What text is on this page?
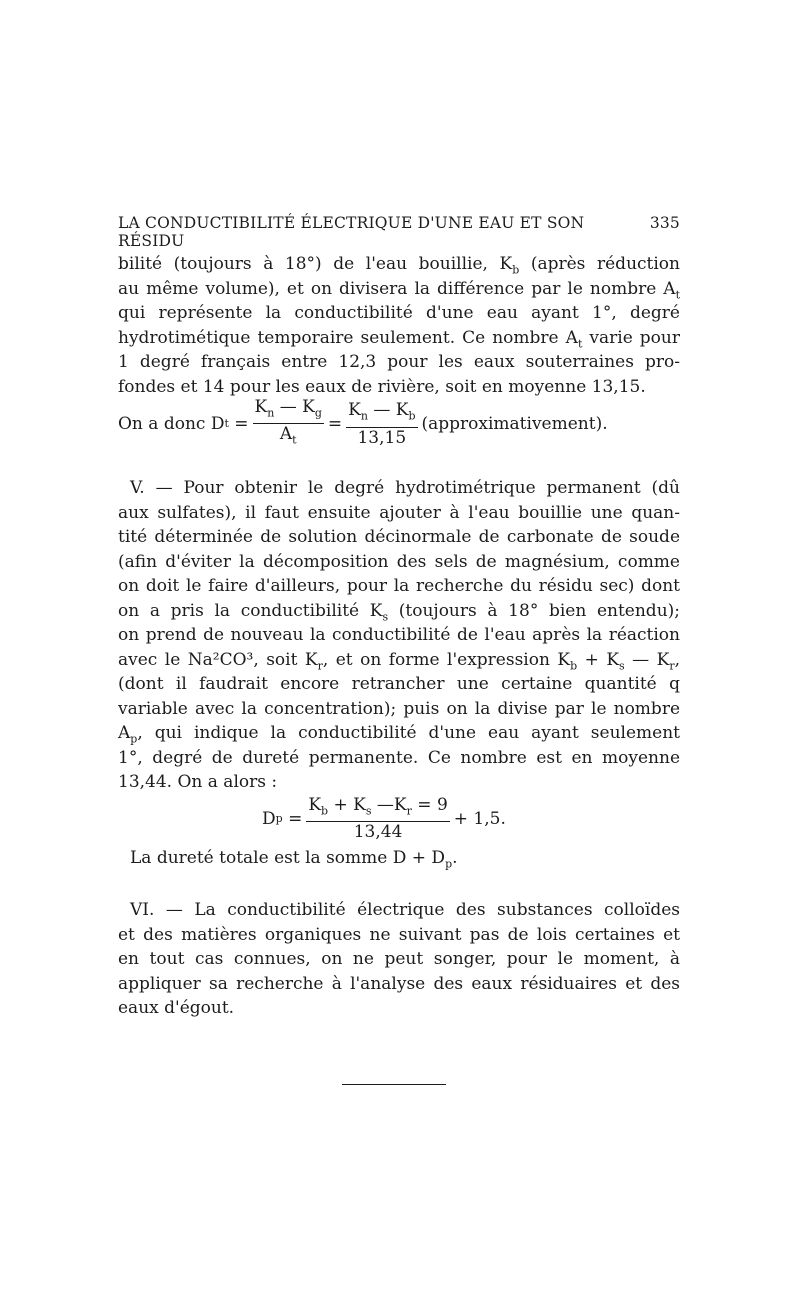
LA CONDUCTIBILITÉ ÉLECTRIQUE D'UNE EAU ET SON RÉSIDU
335
bilité (toujours à 18°) de l'eau bouillie, $K_b$ (après réduction
au même volume), et on divisera la différence par le nombre $A_t$
qui représente la conductibilité d'une eau ayant 1°, degré
hydrotimétique temporaire seulement. Ce nombre $A_t$ varie pour
1 degré français entre 12,3 pour les eaux souterraines pro-
fondes et 14 pour les eaux de rivière, soit en moyenne 13,15.
On a donc D $t = \frac{K_n — K_g}{A_t} = \frac{K_n — K_b}{13,15}$ (approximativement).
V. — Pour obtenir le degré hydrotimétrique permanent (dû
aux sulfates), il faut ensuite ajouter à l'eau bouillie une quan-
tité déterminée de solution décinormale de carbonate de soude
(afin d'éviter la décomposition des sels de magnésium, comme
on doit le faire d'ailleurs, pour la recherche du résidu sec) dont
on a pris la conductibilité $K_s$ (toujours à 18° bien entendu);
on prend de nouveau la conductibilité de l'eau après la réaction
avec le Na²CO³, soit $K_r$, et on forme l'expression $K_b + K_s$ — $K_r$,
(dont il faudrait encore retrancher une certaine quantité q
variable avec la concentration); puis on la divise par le nombre
$A_p$, qui indique la conductibilité d'une eau ayant seulement
1°, degré de dureté permanente. Ce nombre est en moyenne
13,44. On a alors :
D $p = \frac{K_b + K_s —K_r = 9}{13,44} + 1,5$.
La dureté totale est la somme $D + D_p$.
VI. — La conductibilité électrique des substances colloïdes
et des matières organiques ne suivant pas de lois certaines et
en tout cas connues, on ne peut songer, pour le moment, à
appliquer sa recherche à l'analyse des eaux résiduaires et des
eaux d'égout.
